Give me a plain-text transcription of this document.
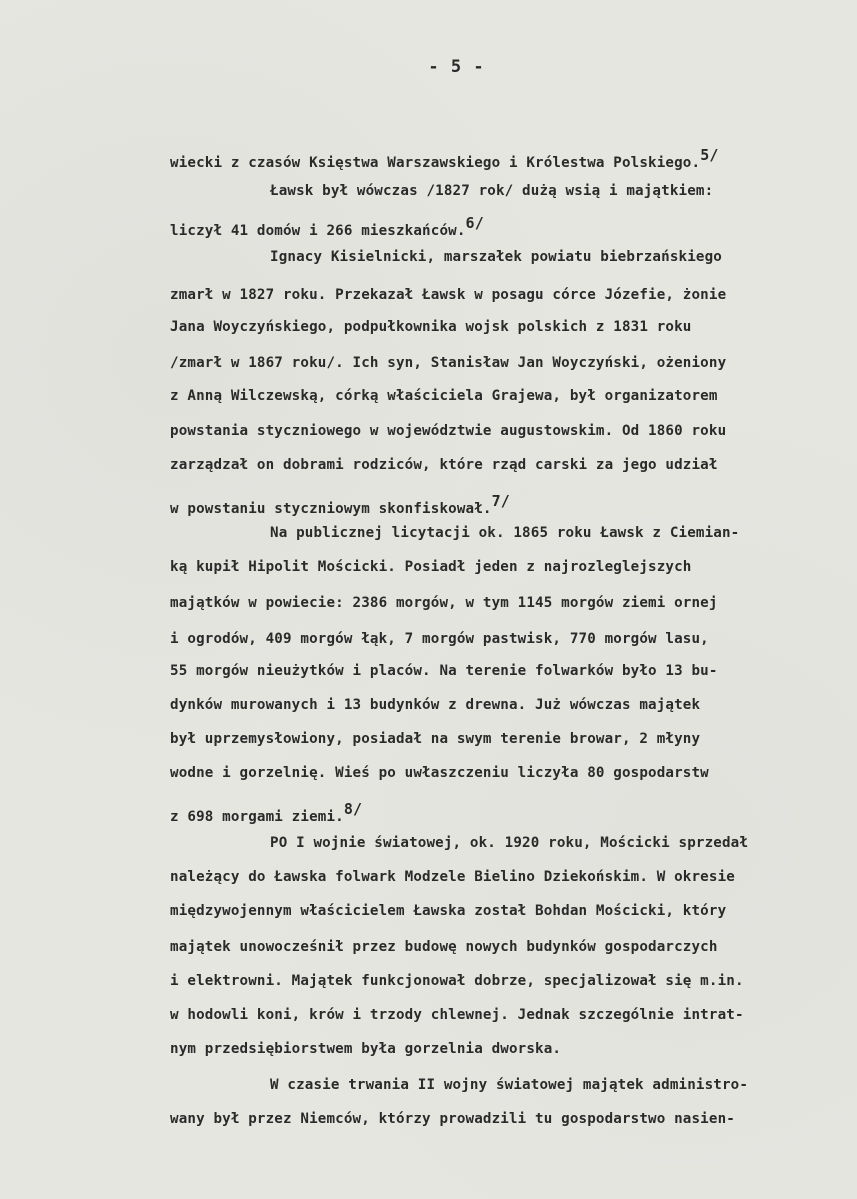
- 5 -
wiecki z czasów Księstwa Warszawskiego i Królestwa Polskiego.5/
Ławsk był wówczas /1827 rok/ dużą wsią i majątkiem:
liczył 41 domów i 266 mieszkańców.6/
Ignacy Kisielnicki, marszałek powiatu biebrzańskiego
zmarł w 1827 roku. Przekazał Ławsk w posagu córce Józefie, żonie
Jana Woyczyńskiego, podpułkownika wojsk polskich z 1831 roku
/zmarł w 1867 roku/. Ich syn, Stanisław Jan Woyczyński, ożeniony
z Anną Wilczewską, córką właściciela Grajewa, był organizatorem
powstania styczniowego w województwie augustowskim. Od 1860 roku
zarządzał on dobrami rodziców, które rząd carski za jego udział
w powstaniu styczniowym skonfiskował.7/
Na publicznej licytacji ok. 1865 roku Ławsk z Ciemian-
ką kupił Hipolit Mościcki. Posiadł jeden z najrozleglejszych
majątków w powiecie: 2386 morgów, w tym 1145 morgów ziemi ornej
i ogrodów, 409 morgów łąk, 7 morgów pastwisk, 770 morgów lasu,
55 morgów nieużytków i placów. Na terenie folwarków było 13 bu-
dynków murowanych i 13 budynków z drewna. Już wówczas majątek
był uprzemysłowiony, posiadał na swym terenie browar, 2 młyny
wodne i gorzelnię. Wieś po uwłaszczeniu liczyła 80 gospodarstw
z 698 morgami ziemi.8/
PO I wojnie światowej, ok. 1920 roku, Mościcki sprzedał
należący do Ławska folwark Modzele Bielino Dziekońskim. W okresie
międzywojennym właścicielem Ławska został Bohdan Mościcki, który
majątek unowocześnił przez budowę nowych budynków gospodarczych
i elektrowni. Majątek funkcjonował dobrze, specjalizował się m.in.
w hodowli koni, krów i trzody chlewnej. Jednak szczególnie intrat-
nym przedsiębiorstwem była gorzelnia dworska.
W czasie trwania II wojny światowej majątek administro-
wany był przez Niemców, którzy prowadzili tu gospodarstwo nasien-
